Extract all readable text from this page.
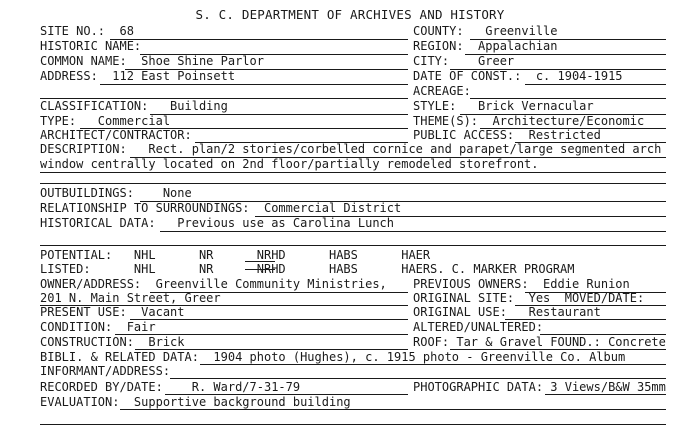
S. C. DEPARTMENT OF ARCHIVES AND HISTORY
SITE NO.:  68
HISTORIC NAME:
COMMON NAME:  Shoe Shine Parlor
ADDRESS:  112 East Poinsett
CLASSIFICATION:   Building
TYPE:   Commercial
ARCHITECT/CONTRACTOR:
DESCRIPTION:   Rect. plan/2 stories/corbelled cornice and parapet/large segmented arch
window centrally located on 2nd floor/partially remodeled storefront.
OUTBUILDINGS:    None
RELATIONSHIP TO SURROUNDINGS:  Commercial District
HISTORICAL DATA:   Previous use as Carolina Lunch
POTENTIAL:   NHL      NR      NRHD      HABS      HAER
LISTED:      NHL      NR      NRHD      HABS      HAER
OWNER/ADDRESS:  Greenville Community Ministries,
201 N. Main Street, Greer
PRESENT USE:  Vacant
CONDITION:  Fair
CONSTRUCTION:  Brick
BIBLI. & RELATED DATA:  1904 photo (Hughes), c. 1915 photo - Greenville Co. Album
INFORMANT/ADDRESS:
RECORDED BY/DATE:    R. Ward/7-31-79
EVALUATION:  Supportive background building
COUNTY:   Greenville
REGION:  Appalachian
CITY:    Greer
DATE OF CONST.:  c. 1904-1915
ACREAGE:
STYLE:   Brick Vernacular
THEME(S):  Architecture/Economic
PUBLIC ACCESS:  Restricted
S. C. MARKER PROGRAM
PREVIOUS OWNERS:  Eddie Runion
ORIGINAL SITE:  Yes  MOVED/DATE:
ORIGINAL USE:   Restaurant
ALTERED/UNALTERED:
ROOF: Tar & Gravel FOUND.: Concrete
PHOTOGRAPHIC DATA: 3 Views/B&W 35mm
